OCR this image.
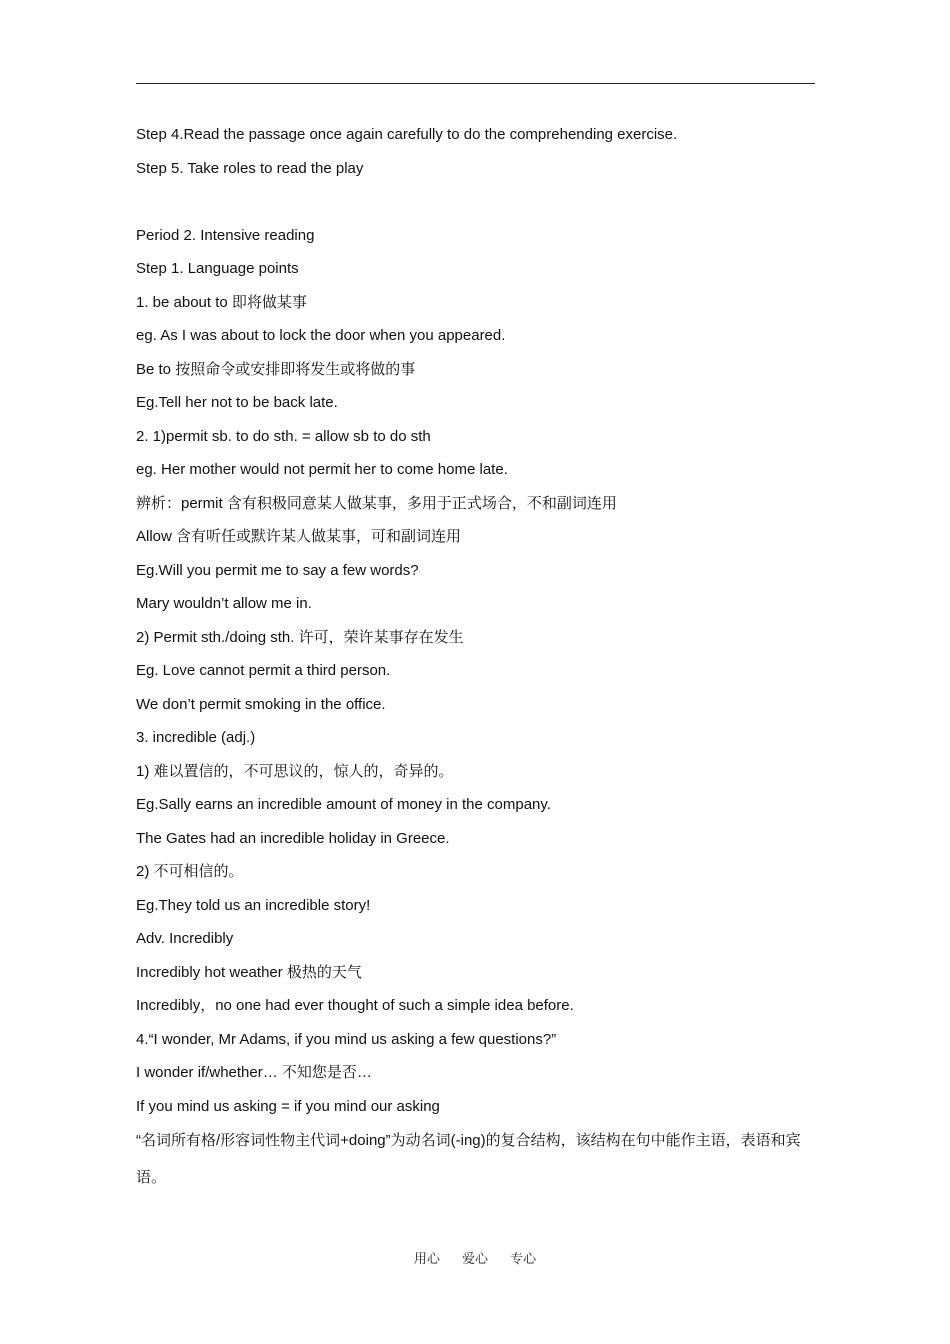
Step 4.Read the passage once again carefully to do the comprehending exercise.
Step 5. Take roles to read the play
Period 2. Intensive reading
Step 1. Language points
1. be about to 即将做某事
eg. As I was about to lock the door when you appeared.
Be to 按照命令或安排即将发生或将做的事
Eg.Tell her not to be back late.
2. 1)permit sb. to do sth. = allow sb to do sth
eg. Her mother would not permit her to come home late.
辨析：permit 含有积极同意某人做某事，多用于正式场合，不和副词连用
Allow 含有听任或默许某人做某事，可和副词连用
Eg.Will you permit me to say a few words?
Mary wouldn’t allow me in.
2) Permit sth./doing sth. 许可，荣许某事存在发生
Eg. Love cannot permit a third person.
We don’t permit smoking in the office.
3. incredible (adj.)
1) 难以置信的，不可思议的，惊人的，奇异的。
Eg.Sally earns an incredible amount of money in the company.
The Gates had an incredible holiday in Greece.
2) 不可相信的。
Eg.They told us an incredible story!
Adv. Incredibly
Incredibly hot weather 极热的天气
Incredibly，no one had ever thought of such a simple idea before.
4.“I wonder, Mr Adams, if you mind us asking a few questions?”
I wonder if/whether… 不知您是否…
If you mind us asking = if you mind our asking
“名词所有格/形容词性物主代词+doing”为动名词(-ing)的复合结构，该结构在句中能作主语，表语和宾语。
用心 爱心 专心
